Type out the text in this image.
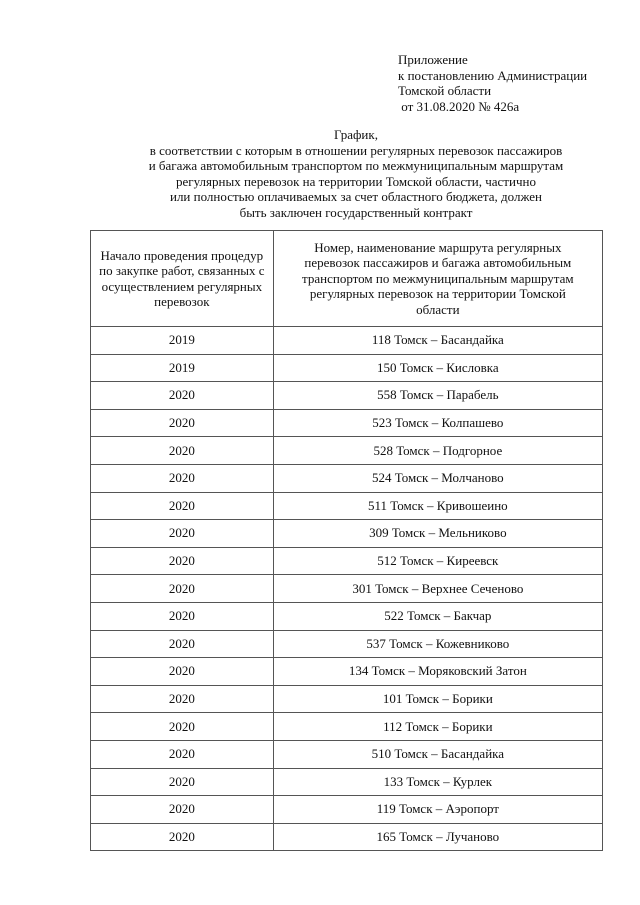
Приложение
к постановлению Администрации
Томской области
от 31.08.2020 № 426а
График,
в соответствии с которым в отношении регулярных перевозок пассажиров
и багажа автомобильным транспортом по межмуниципальным маршрутам
регулярных перевозок на территории Томской области, частично
или полностью оплачиваемых за счет областного бюджета, должен
быть заключен государственный контракт
Начало проведения процедур по закупке работ, связанных с осуществлением регулярных перевозок	Номер, наименование маршрута регулярных перевозок пассажиров и багажа автомобильным транспортом по межмуниципальным маршрутам регулярных перевозок на территории Томской области

2019	118 Томск – Басандайка
2019	150 Томск – Кисловка
2020	558 Томск – Парабель
2020	523 Томск – Колпашево
2020	528 Томск – Подгорное
2020	524 Томск – Молчаново
2020	511 Томск – Кривошеино
2020	309 Томск – Мельниково
2020	512 Томск – Киреевск
2020	301 Томск – Верхнее Сеченово
2020	522 Томск – Бакчар
2020	537 Томск – Кожевниково
2020	134 Томск – Моряковский Затон
2020	101 Томск – Борики
2020	112 Томск – Борики
2020	510 Томск – Басандайка
2020	133 Томск – Курлек
2020	119 Томск – Аэропорт
2020	165 Томск – Лучаново
